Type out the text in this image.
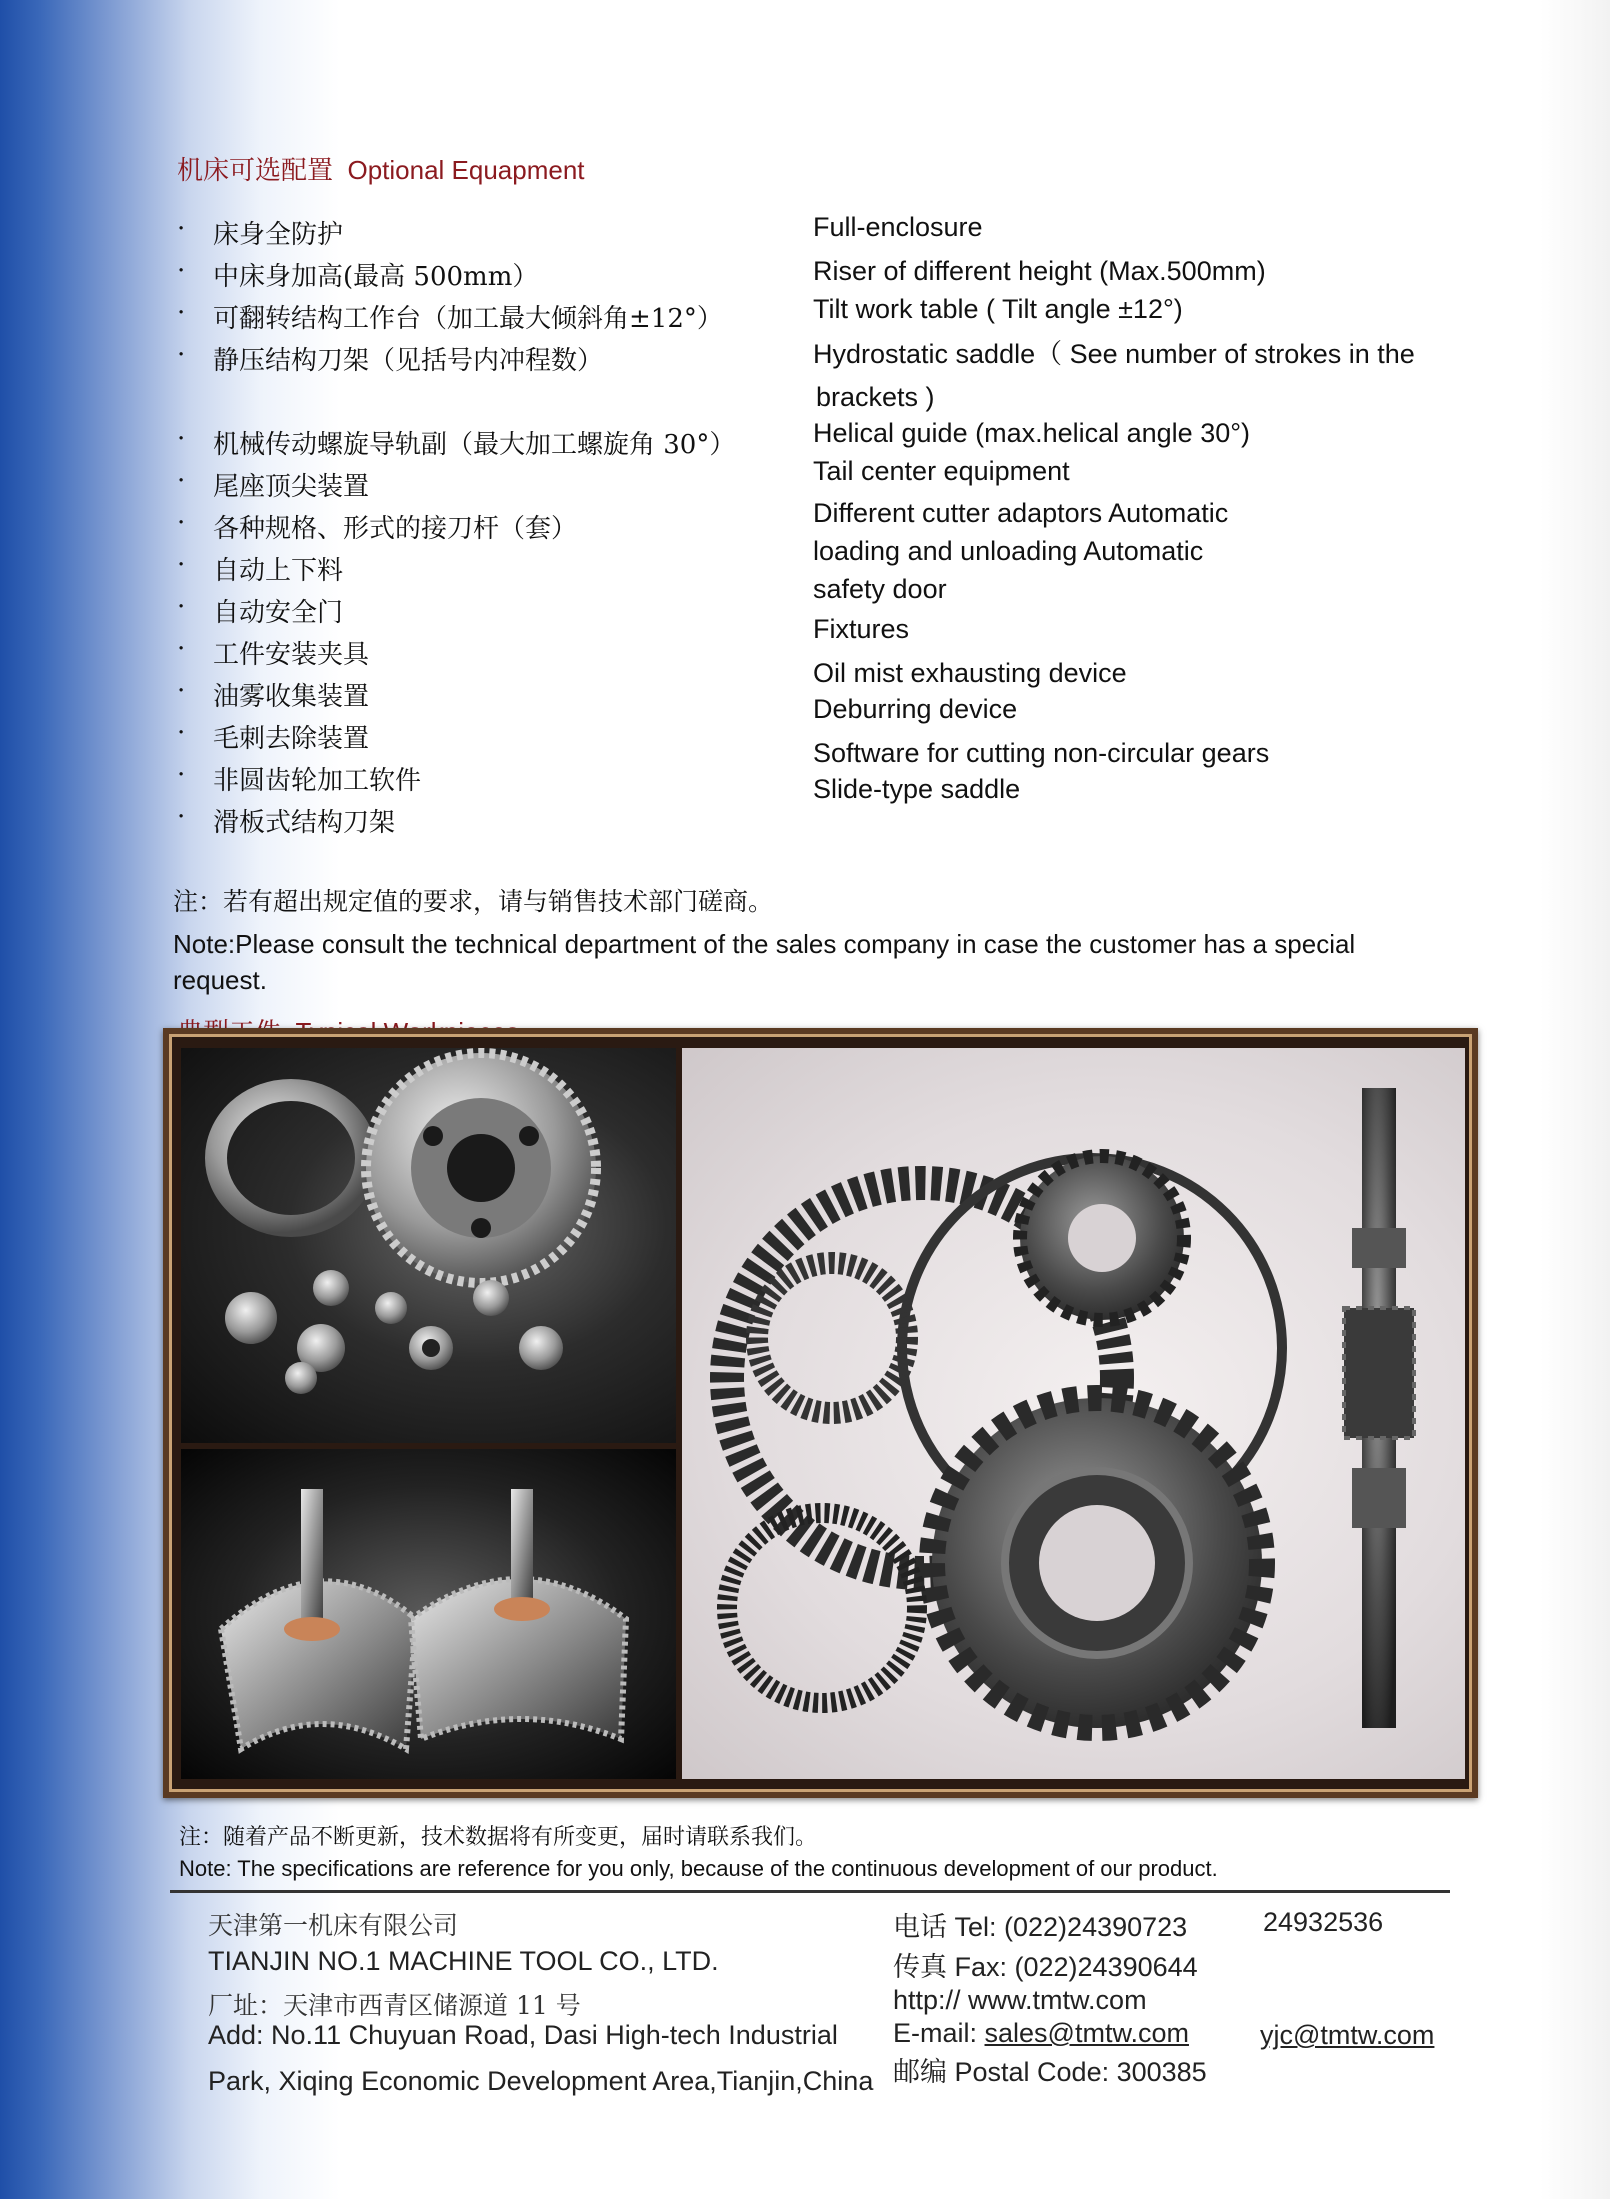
机床可选配置 Optional Equapment
· 床身全防护
· 中床身加高(最高 500mm）
· 可翻转结构工作台（加工最大倾斜角±12°）
· 静压结构刀架（见括号内冲程数）
· 机械传动螺旋导轨副（最大加工螺旋角 30°）
· 尾座顶尖装置
· 各种规格、形式的接刀杆（套）
· 自动上下料
· 自动安全门
· 工件安装夹具
· 油雾收集装置
· 毛刺去除装置
· 非圆齿轮加工软件
· 滑板式结构刀架
Full-enclosure
Riser of different height (Max.500mm)
Tilt work table ( Tilt angle ±12°)
Hydrostatic saddle（ See number of strokes in the
brackets )
Helical guide (max.helical angle 30°)
Tail center equipment
Different cutter adaptors Automatic
loading and unloading Automatic
safety door
Fixtures
Oil mist exhausting device
Deburring device
Software for cutting non-circular gears
Slide-type saddle
注：若有超出规定值的要求，请与销售技术部门磋商。
Note:Please consult the technical department of the sales company in case the customer has a special request.

注：随着产品不断更新，技术数据将有所变更，届时请联系我们。
Note: The specifications are reference for you only, because of the continuous development of our product.
天津第一机床有限公司
TIANJIN NO.1 MACHINE TOOL CO., LTD.
厂址：天津市西青区储源道 11 号
Add: No.11 Chuyuan Road, Dasi High-tech Industrial
Park, Xiqing Economic Development Area,Tianjin,China
电话 Tel: (022)24390723	24932536
传真 Fax: (022)24390644
http:// www.tmtw.com
E-mail: sales@tmtw.com	yjc@tmtw.com
邮编 Postal Code: 300385
